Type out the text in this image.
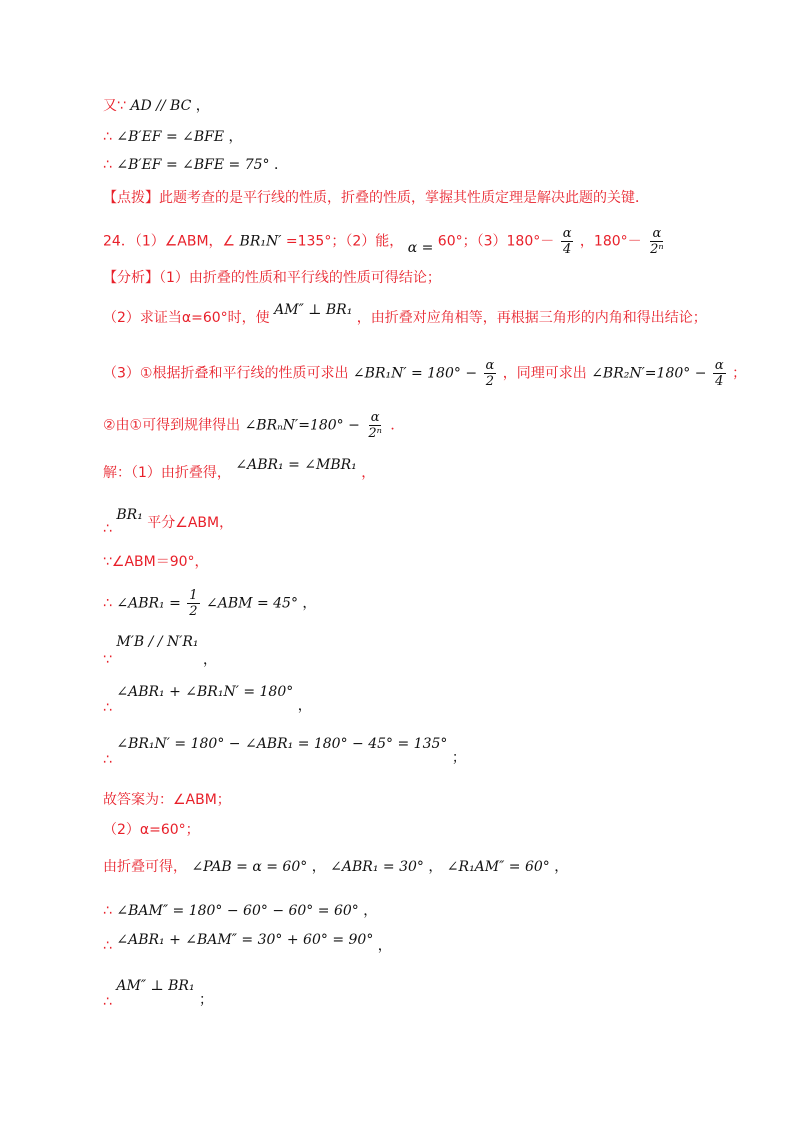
又∵ AD // BC ，
∴ ∠B′EF = ∠BFE ，
∴ ∠B′EF = ∠BFE = 75° ．
【点拨】此题考查的是平行线的性质，折叠的性质，掌握其性质定理是解决此题的关键．
24．（1）∠ABM，∠ BR₁N′ =135°；（2）能， α = 60°；$(3)180^\circ- \frac{\alpha}{4}$ ，$180^\circ- \frac{\alpha}{\text{2ⁿ}}$
【分析】（1）由折叠的性质和平行线的性质可得结论；
（2）求证当α=60°时，使 AM″ ⊥ BR₁ ，由折叠对应角相等，再根据三角形的内角和得出结论；
（3）①根据折叠和平行线的性质可求出 ∠BR₁N′ = $180^\circ - \frac{\alpha}{2}$ ，同理可求出 ∠BR₂N′=180° − $\frac{\alpha}{4}$ ；
②由①可得到规律得出 ∠BRₙN′=180° − $\frac{\alpha}{\text{2ⁿ}}$ ．
解：（1）由折叠得， ∠ABR₁ = ∠MBR₁ ，
∴ BR₁ 平分∠ABM，
∵∠ABM＝90°，
∴ ∠ABR₁ = $\frac{1}{2}$ ∠ABM = 45° ，
∵ M′B / / N′R₁ ，
∴ ∠ABR₁ + ∠BR₁N′ = 180° ，
∴ ∠BR₁N′ = 180° − ∠ABR₁ = 180° − 45° = 135° ；
故答案为：∠ABM；
（2）α=60°；
由折叠可得， ∠PAB = α = 60° ， ∠ABR₁ = 30° ， ∠R₁AM″ = 60° ，
∴ ∠BAM″ = 180° − 60° − 60° = 60° ，
∴ ∠ABR₁ + ∠BAM″ = 30° + 60° = 90° ，
∴ AM″ ⊥ BR₁ ；
